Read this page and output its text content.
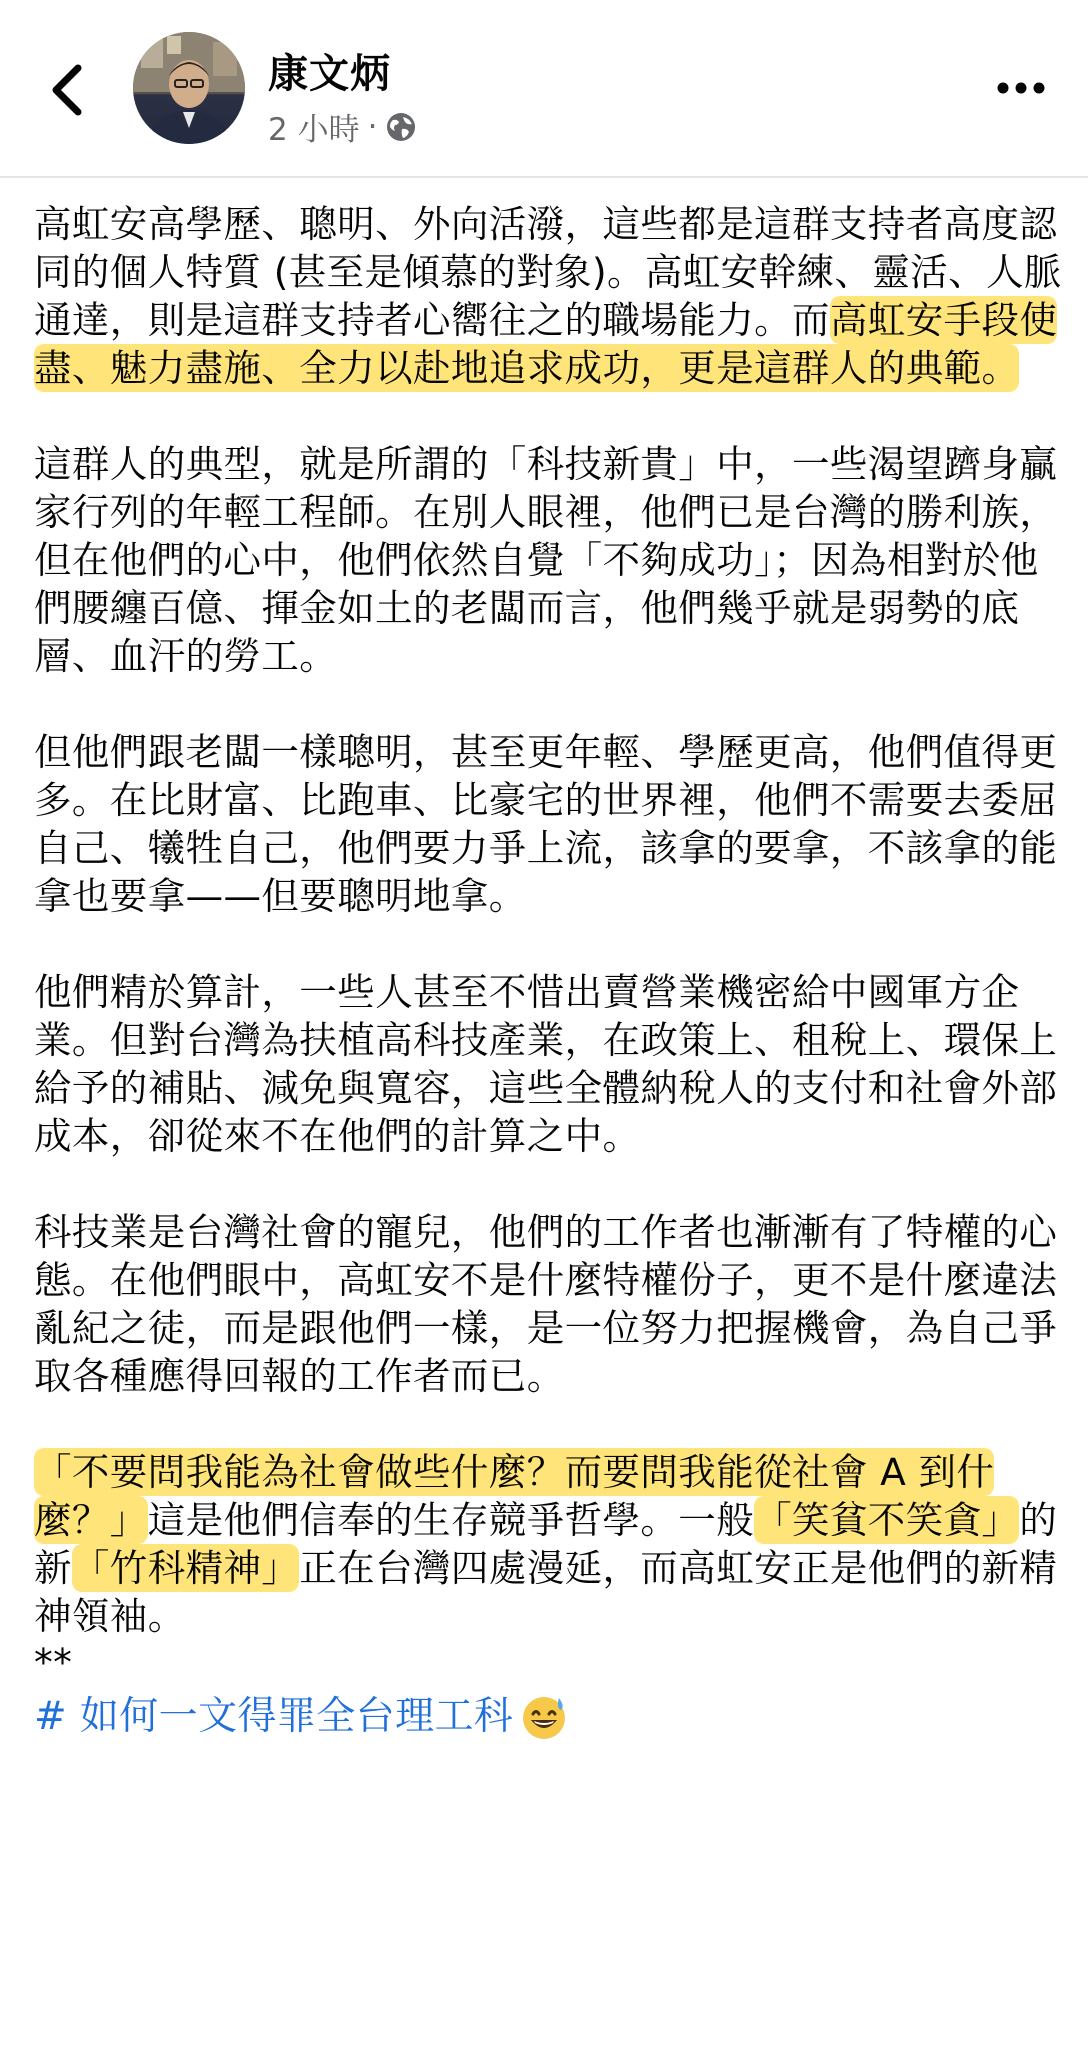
康文炳
2 小時 ·

高虹安高學歷、聰明、外向活潑，這些都是這群支持者高度認同的個人特質 (甚至是傾慕的對象)。高虹安幹練、靈活、人脈通達，則是這群支持者心嚮往之的職場能力。而高虹安手段使盡、魅力盡施、全力以赴地追求成功，更是這群人的典範。

這群人的典型，就是所謂的「科技新貴」中，一些渴望躋身贏家行列的年輕工程師。在別人眼裡，他們已是台灣的勝利族，但在他們的心中，他們依然自覺「不夠成功」；因為相對於他們腰纏百億、揮金如土的老闆而言，他們幾乎就是弱勢的底層、血汗的勞工。

但他們跟老闆一樣聰明，甚至更年輕、學歷更高，他們值得更多。在比財富、比跑車、比豪宅的世界裡，他們不需要去委屈自己、犧牲自己，他們要力爭上流，該拿的要拿，不該拿的能拿也要拿——但要聰明地拿。

他們精於算計，一些人甚至不惜出賣營業機密給中國軍方企業。但對台灣為扶植高科技產業，在政策上、租稅上、環保上給予的補貼、減免與寬容，這些全體納稅人的支付和社會外部成本，卻從來不在他們的計算之中。

科技業是台灣社會的寵兒，他們的工作者也漸漸有了特權的心態。在他們眼中，高虹安不是什麼特權份子，更不是什麼違法亂紀之徒，而是跟他們一樣，是一位努力把握機會，為自己爭取各種應得回報的工作者而已。

「不要問我能為社會做些什麼？而要問我能從社會 A 到什麼？」這是他們信奉的生存競爭哲學。一般「笑貧不笑貪」的新「竹科精神」正在台灣四處漫延，而高虹安正是他們的新精神領袖。

**

# 如何一文得罪全台理工科
